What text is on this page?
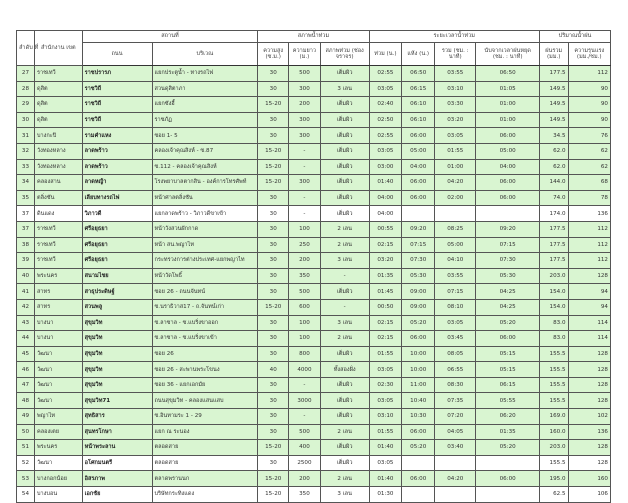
ลำดับ ที่	สำนักงาน เขต	สถานที่		สภาพน้ำท่วม			ระยะเวลาน้ำท่วม				ปริมาณน้ำฝน	
		ถนน	บริเวณ	ความสูง (ซ.ม.)	ความยาว (ม.)	สภาพท่วม (ช่องจราจร)	ท่วม (น.)	แห้ง (น.)	รวม (ชม. : นาที)	นับจากเวลาฝนหยุด (ชม. : นาที)	ฝนรวม (มม.)	ความรุนแรง (มม./ชม.)
27	ราชเทวี	ราชปรารภ	แยกประตูน้ำ - ทางรถไฟ	30	500	เต็มผิว	02:55	06:50	03:55	06:50	177.5	112
28	ดุสิต	ราชวิถี	สวนดุสิตาภา	30	300	3 เลน	03:05	06:15	03:10	01:05	149.5	90
29	ดุสิต	ราชวิถี	แยกซังฮี้	15-20	200	เต็มผิว	02:40	06:10	03:30	01:00	149.5	90
30	ดุสิต	ราชวิถี	ราชภัฏ	30	300	เต็มผิว	02:50	06:10	03:20	01:00	149.5	90
31	บางกะปิ	รามคำแหง	ซอย 1- 5	30	300	เต็มผิว	02:55	06:00	03:05	06:00	34.5	76
32	วังทองหลาง	ลาดพร้าว	คลองเจ้าคุณสิงห์ - ซ.87	15-20	-	เต็มผิว	03:05	05:00	01:55	05:00	62.0	62
33	วังทองหลาง	ลาดพร้าว	ซ.112 - คลองเจ้าคุณสิงห์	15-20	-	เต็มผิว	03:00	04:00	01:00	04:00	62.0	62
34	คลองสาน	ลาดหญ้า	โรงพยาบาลตากสิน - องค์การโทรศัพท์	15-20	300	เต็มผิว	01:40	06:00	04:20	06:00	144.0	68
35	ตลิ่งชัน	เลียบทางรถไฟ	หน้าศาลตลิ่งชัน	30	-	เต็มผิว	04:00	06:00	02:00	06:00	74.0	78
37	ดินแดง	วิภาวดี	แยกลาดพร้าว - วิภาวดีขาเข้า	30	-	เต็มผิว	04:00				174.0	136
37	ราชเทวี	ศรีอยุธยา	หน้าวังสวนผักกาด	30	100	2 เลน	00:55	09:20	08:25	09:20	177.5	112
38	ราชเทวี	ศรีอยุธยา	หน้า สน.พญาไท	30	250	2 เลน	02:15	07:15	05:00	07:15	177.5	112
39	ราชเทวี	ศรีอยุธยา	กระทรวงการต่างประเทศ-แยกพญาไท	30	200	3 เลน	03:20	07:30	04:10	07:30	177.5	112
40	พระนคร	สนามไชย	หน้าวัดโพธิ์	30	350	-	01:35	05:30	03:55	05:30	203.0	128
41	สาทร	สาธุประดิษฐ์	ซอย 26 - ถนนจันทน์	30	500	เต็มผิว	01:45	09:00	07:15	04:25	154.0	94
42	สาทร	สวนพลู	ซ.นราธิวาส17 - ถ.จันทน์เก่า	15-20	600	-	00:50	09:00	08:10	04:25	154.0	94
43	บางนา	สุขุมวิท	ซ.ลาซาล - ซ.แบริ่งขาออก	30	100	3 เลน	02:15	05:20	03:05	05:20	83.0	114
44	บางนา	สุขุมวิท	ซ.ลาซาล - ซ.แบริ่งขาเข้า	30	100	2 เลน	02:15	06:00	03:45	06:00	83.0	114
45	วัฒนา	สุขุมวิท	ซอย 26	30	800	เต็มผิว	01:55	10:00	08:05	05:15	155.5	128
46	วัฒนา	สุขุมวิท	ซอย 26 - สะพานพระโขนง	40	4000	ทั้งสองฝั่ง	03:05	10:00	06:55	05:15	155.5	128
47	วัฒนา	สุขุมวิท	ซอย 36 - แยกเอกมัย	30	-	เต็มผิว	02:30	11:00	08:30	06:15	155.5	128
48	วัฒนา	สุขุมวิท71	ถนนสุขุมวิท - คลองแสนแสบ	30	3000	เต็มผิว	03:05	10:40	07:35	05:55	155.5	128
49	พญาไท	สุทธิสาร	ซ.อินทามระ 1 - 29	30	-	เต็มผิว	03:10	10:30	07:20	06:20	169.0	102
50	คลองเตย	สุนทรโกษา	แยก ณ ระนอง	30	500	2 เลน	01:55	06:00	04:05	01:35	160.0	136
51	พระนคร	หน้าพระลาน	ตลอดสาย	15-20	400	เต็มผิว	01:40	05:20	03:40	05:20	203.0	128
52	วัฒนา	อโศกมนตรี	ตลอดสาย	30	2500	เต็มผิว	03:05				155.5	128
53	บางกอกน้อย	อิสรภาพ	ตลาดพรานนก	15-20	200	2 เลน	01:40	06:00	04:20	06:00	195.0	160
54	บางบอน	เอกชัย	บริษัทกระทิงแดง	15-20	350	3 เลน	01:30				62.5	106
